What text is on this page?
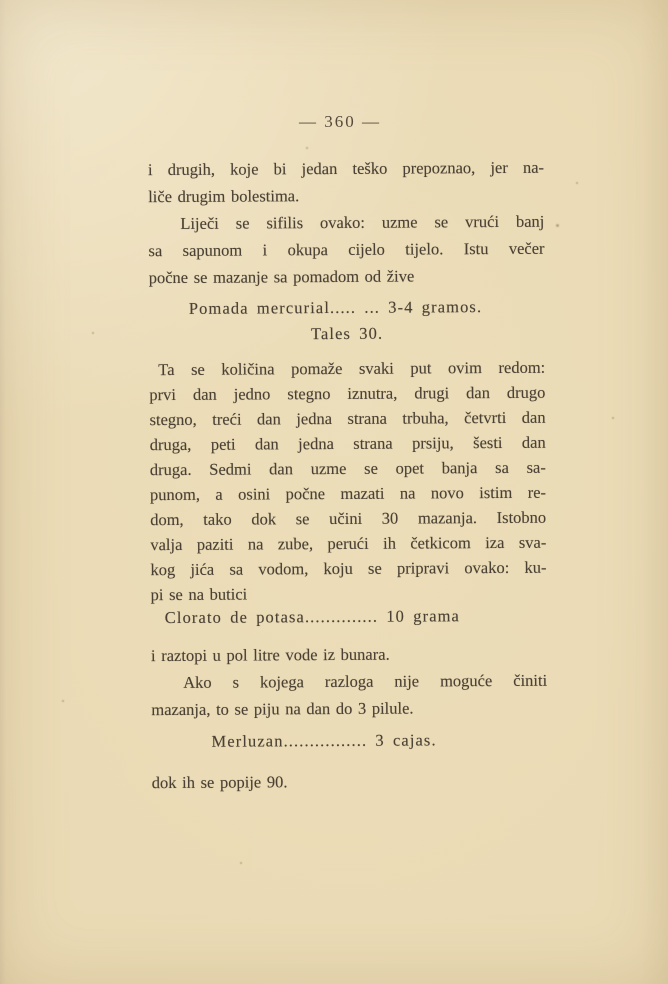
— 360 —
i drugih, koje bi jedan teško prepoznao, jer na-
liče drugim bolestima.
Liječi se sifilis ovako: uzme se vrući banj
sa sapunom i okupa cijelo tijelo. Istu večer
počne se mazanje sa pomadom od žive
Pomada mercurial..... ... 3-4 gramos.
Tales 30.
Ta se količina pomaže svaki put ovim redom:
prvi dan jedno stegno iznutra, drugi dan drugo
stegno, treći dan jedna strana trbuha, četvrti dan
druga, peti dan jedna strana prsiju, šesti dan
druga. Sedmi dan uzme se opet banja sa sa-
punom, a osini počne mazati na novo istim re-
dom, tako dok se učini 30 mazanja. Istobno
valja paziti na zube, perući ih četkicom iza sva-
kog jića sa vodom, koju se pripravi ovako: ku-
pi se na butici
Clorato de potasa.............. 10 grama
i raztopi u pol litre vode iz bunara.
Ako s kojega razloga nije moguće činiti
mazanja, to se piju na dan do 3 pilule.
Merluzan................ 3 cajas.
dok ih se popije 90.
